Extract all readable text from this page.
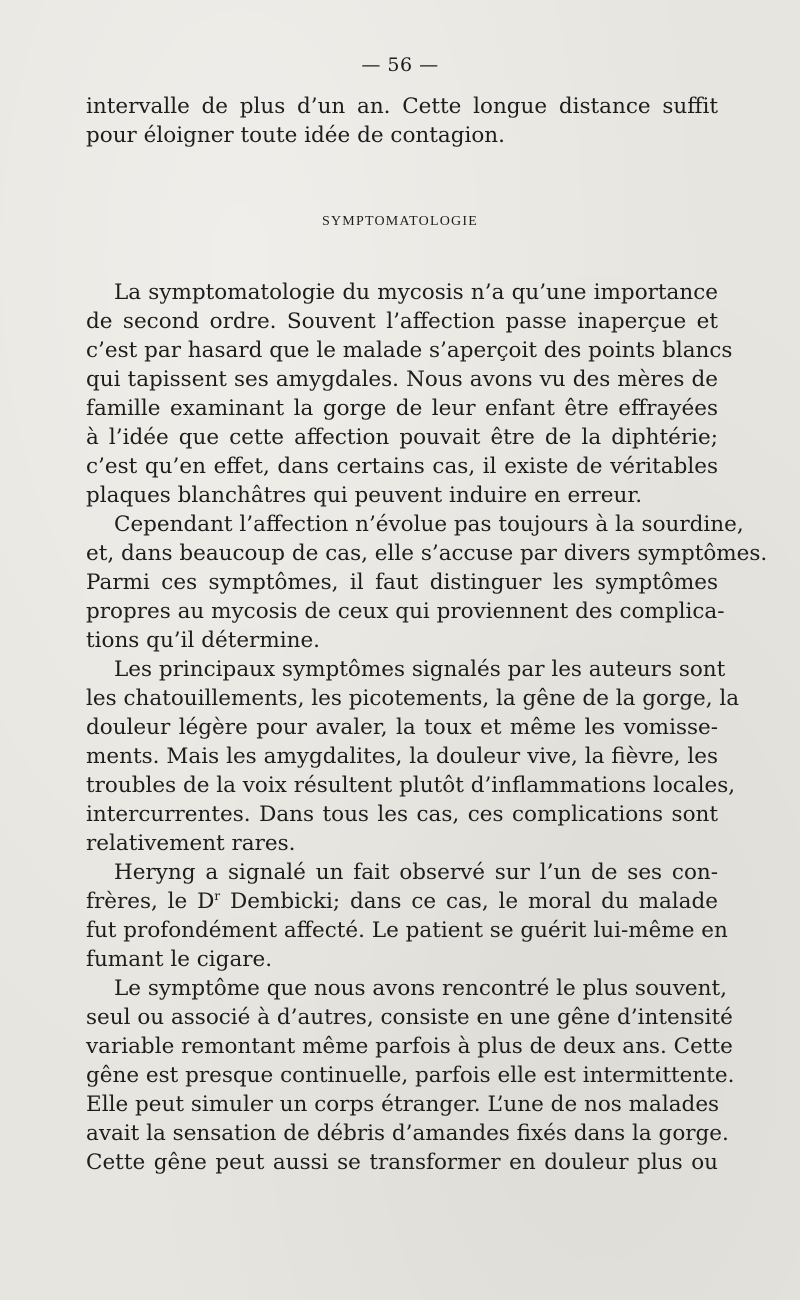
— 56 —
intervalle de plus d’un an. Cette longue distance suffit
pour éloigner toute idée de contagion.
SYMPTOMATOLOGIE
La symptomatologie du mycosis n’a qu’une importance
de second ordre. Souvent l’affection passe inaperçue et
c’est par hasard que le malade s’aperçoit des points blancs
qui tapissent ses amygdales. Nous avons vu des mères de
famille examinant la gorge de leur enfant être effrayées
à l’idée que cette affection pouvait être de la diphtérie;
c’est qu’en effet, dans certains cas, il existe de véritables
plaques blanchâtres qui peuvent induire en erreur.
Cependant l’affection n’évolue pas toujours à la sourdine,
et, dans beaucoup de cas, elle s’accuse par divers symptômes.
Parmi ces symptômes, il faut distinguer les symptômes
propres au mycosis de ceux qui proviennent des complica-
tions qu’il détermine.
Les principaux symptômes signalés par les auteurs sont
les chatouillements, les picotements, la gêne de la gorge, la
douleur légère pour avaler, la toux et même les vomisse-
ments. Mais les amygdalites, la douleur vive, la fièvre, les
troubles de la voix résultent plutôt d’inflammations locales,
intercurrentes. Dans tous les cas, ces complications sont
relativement rares.
Heryng a signalé un fait observé sur l’un de ses con-
frères, le $D^r$ Dembicki; dans ce cas, le moral du malade
fut profondément affecté. Le patient se guérit lui-même en
fumant le cigare.
Le symptôme que nous avons rencontré le plus souvent,
seul ou associé à d’autres, consiste en une gêne d’intensité
variable remontant même parfois à plus de deux ans. Cette
gêne est presque continuelle, parfois elle est intermittente.
Elle peut simuler un corps étranger. L’une de nos malades
avait la sensation de débris d’amandes fixés dans la gorge.
Cette gêne peut aussi se transformer en douleur plus ou
